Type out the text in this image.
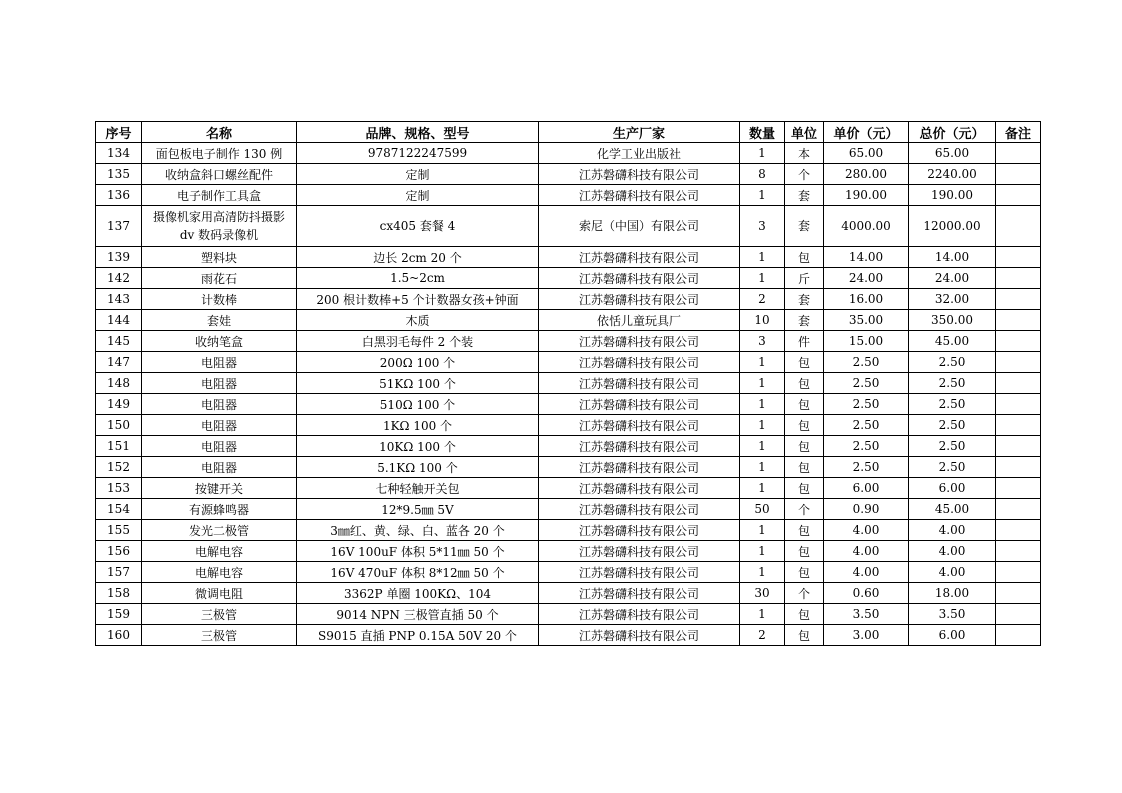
序号	名称	品牌、规格、型号	生产厂家	数量	单位	单价（元）	总价（元）	备注
134	面包板电子制作 130 例	9787122247599	化学工业出版社	1	本	65.00	65.00	
135	收纳盒斜口螺丝配件	定制	江苏磐礴科技有限公司	8	个	280.00	2240.00	
136	电子制作工具盒	定制	江苏磐礴科技有限公司	1	套	190.00	190.00	
137	摄像机家用高清防抖摄影 dv 数码录像机	cx405 套餐 4	索尼（中国）有限公司	3	套	4000.00	12000.00	
139	塑料块	边长 2cm 20 个	江苏磐礴科技有限公司	1	包	14.00	14.00	
142	雨花石	1.5~2cm	江苏磐礴科技有限公司	1	斤	24.00	24.00	
143	计数棒	200 根计数棒+5 个计数器女孩+钟面	江苏磐礴科技有限公司	2	套	16.00	32.00	
144	套娃	木质	依恬儿童玩具厂	10	套	35.00	350.00	
145	收纳笔盒	白黑羽毛每件 2 个装	江苏磐礴科技有限公司	3	件	15.00	45.00	
147	电阻器	200Ω 100 个	江苏磐礴科技有限公司	1	包	2.50	2.50	
148	电阻器	51KΩ 100 个	江苏磐礴科技有限公司	1	包	2.50	2.50	
149	电阻器	510Ω 100 个	江苏磐礴科技有限公司	1	包	2.50	2.50	
150	电阻器	1KΩ 100 个	江苏磐礴科技有限公司	1	包	2.50	2.50	
151	电阻器	10KΩ 100 个	江苏磐礴科技有限公司	1	包	2.50	2.50	
152	电阻器	5.1KΩ 100 个	江苏磐礴科技有限公司	1	包	2.50	2.50	
153	按键开关	七种轻触开关包	江苏磐礴科技有限公司	1	包	6.00	6.00	
154	有源蜂鸣器	12*9.5㎜ 5V	江苏磐礴科技有限公司	50	个	0.90	45.00	
155	发光二极管	3㎜红、黄、绿、白、蓝各 20 个	江苏磐礴科技有限公司	1	包	4.00	4.00	
156	电解电容	16V 100uF 体积 5*11㎜ 50 个	江苏磐礴科技有限公司	1	包	4.00	4.00	
157	电解电容	16V 470uF 体积 8*12㎜ 50 个	江苏磐礴科技有限公司	1	包	4.00	4.00	
158	微调电阻	3362P 单圈 100KΩ、104	江苏磐礴科技有限公司	30	个	0.60	18.00	
159	三极管	9014 NPN 三极管直插 50 个	江苏磐礴科技有限公司	1	包	3.50	3.50	
160	三极管	S9015 直插 PNP 0.15A 50V 20 个	江苏磐礴科技有限公司	2	包	3.00	6.00	
